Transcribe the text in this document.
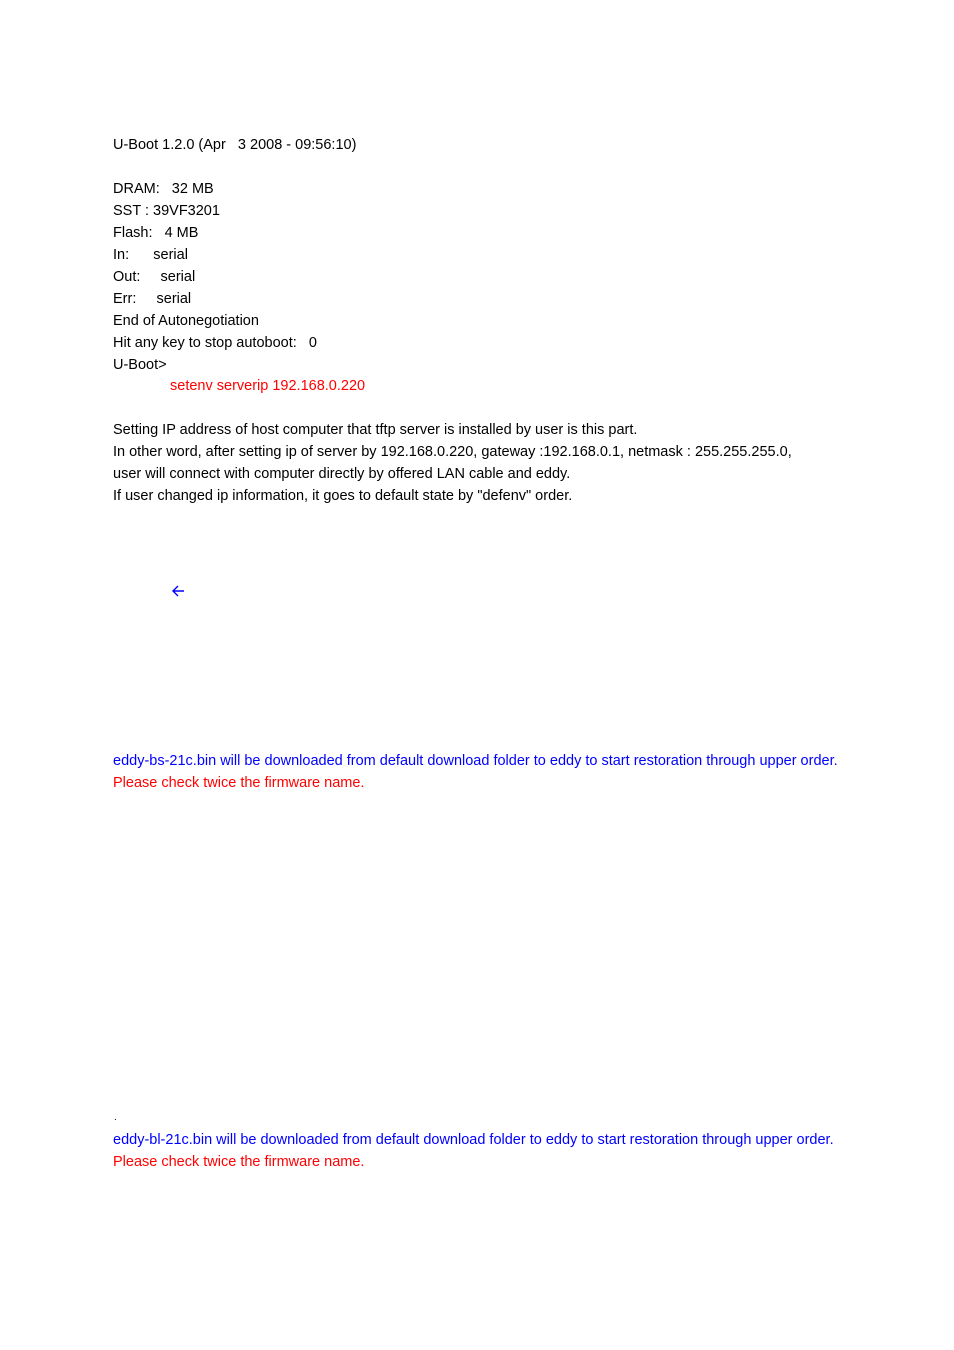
U-Boot 1.2.0 (Apr   3 2008 - 09:56:10)
DRAM:   32 MB
SST : 39VF3201
Flash:   4 MB
In:      serial
Out:     serial
Err:     serial
End of Autonegotiation
Hit any key to stop autoboot:   0
U-Boot>
setenv serverip 192.168.0.220
Setting IP address of host computer that tftp server is installed by user is this part.
In other word, after setting ip of server by 192.168.0.220, gateway :192.168.0.1, netmask : 255.255.255.0,
user will connect with computer directly by offered LAN cable and eddy.
If user changed ip information, it goes to default state by "defenv" order.
eddy-bs-21c.bin will be downloaded from default download folder to eddy to start restoration through upper order.
Please check twice the firmware name.
.
eddy-bl-21c.bin will be downloaded from default download folder to eddy to start restoration through upper order.
Please check twice the firmware name.
